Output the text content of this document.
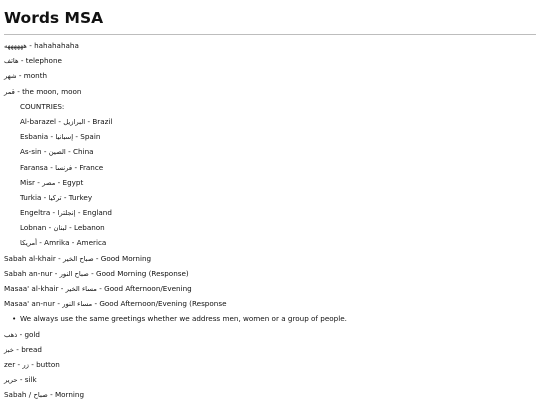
Words MSA
ههههههه - hahahahaha
هاتف - telephone
شهر - month
قمر - the moon, moon
COUNTRIES:
Al-barazel - البرازيل - Brazil
Esbania - إسبانيا - Spain
As-sin - الصين - China
Faransa - فرنسا - France
Misr - مصر - Egypt
Turkia - تركيا - Turkey
Engeltra - إنجلترا - England
Lobnan - لبنان - Lebanon
أمريكا - Amrika - America
Sabah al-khair - صباح الخير - Good Morning
Sabah an-nur - صباح النور - Good Morning (Response)
Masaa' al-khair - مساء الخير - Good Afternoon/Evening
Masaa' an-nur - مساء النور - Good Afternoon/Evening (Response
• We always use the same greetings whether we address men, women or a group of people.
ذهب - gold
خبز - bread
zer - زر - button
حرير - silk
Sabah / صباح - Morning
